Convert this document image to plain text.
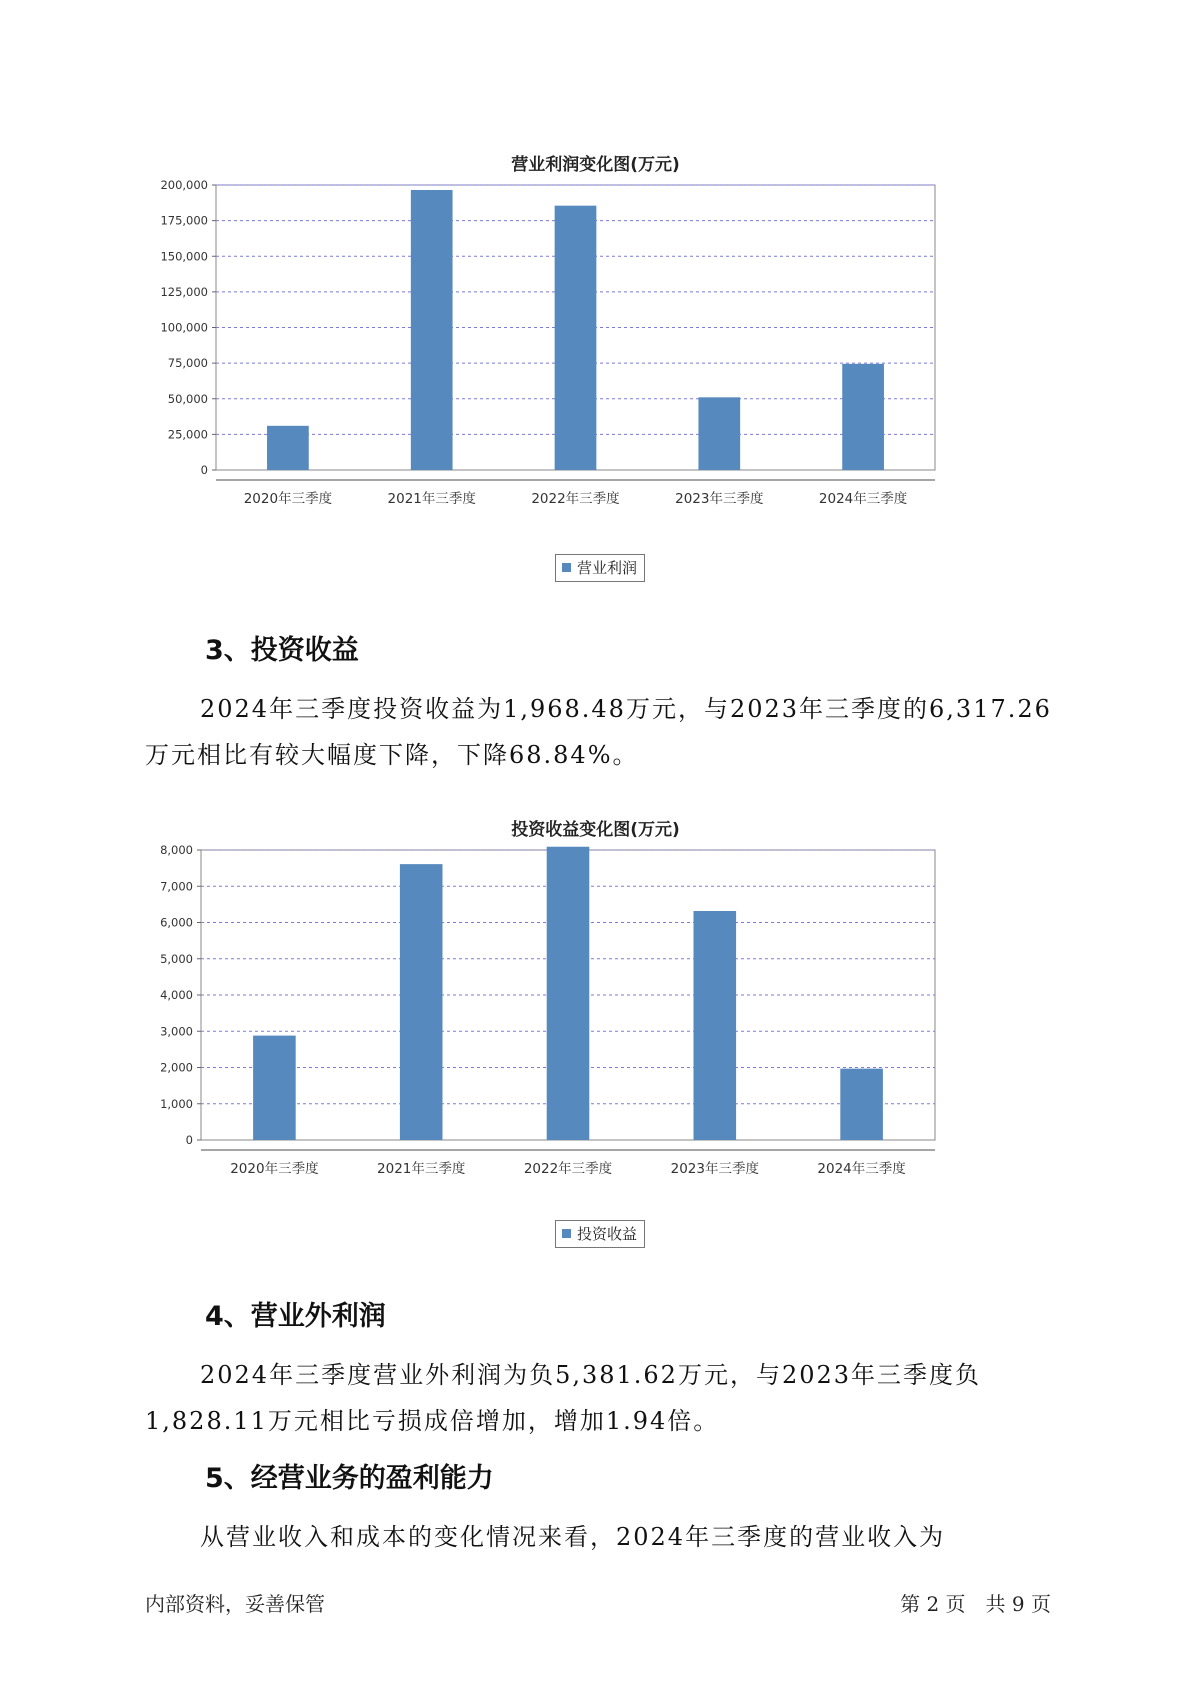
营业利润变化图(万元)
0
25,000
50,000
75,000
100,000
125,000
150,000
175,000
200,000
2020年三季度	2021年三季度	2022年三季度	2023年三季度	2024年三季度
营业利润
3、投资收益

2024年三季度投资收益为1,968.48万元，与2023年三季度的6,317.26万元相比有较大幅度下降，下降68.84%。

投资收益变化图(万元)
0
1,000
2,000
3,000
4,000
5,000
6,000
7,000
8,000
2020年三季度	2021年三季度	2022年三季度	2023年三季度	2024年三季度
投资收益
4、营业外利润

2024年三季度营业外利润为负5,381.62万元，与2023年三季度负1,828.11万元相比亏损成倍增加，增加1.94倍。

5、经营业务的盈利能力

从营业收入和成本的变化情况来看，2024年三季度的营业收入为

内部资料，妥善保管	第 2 页　共 9 页
